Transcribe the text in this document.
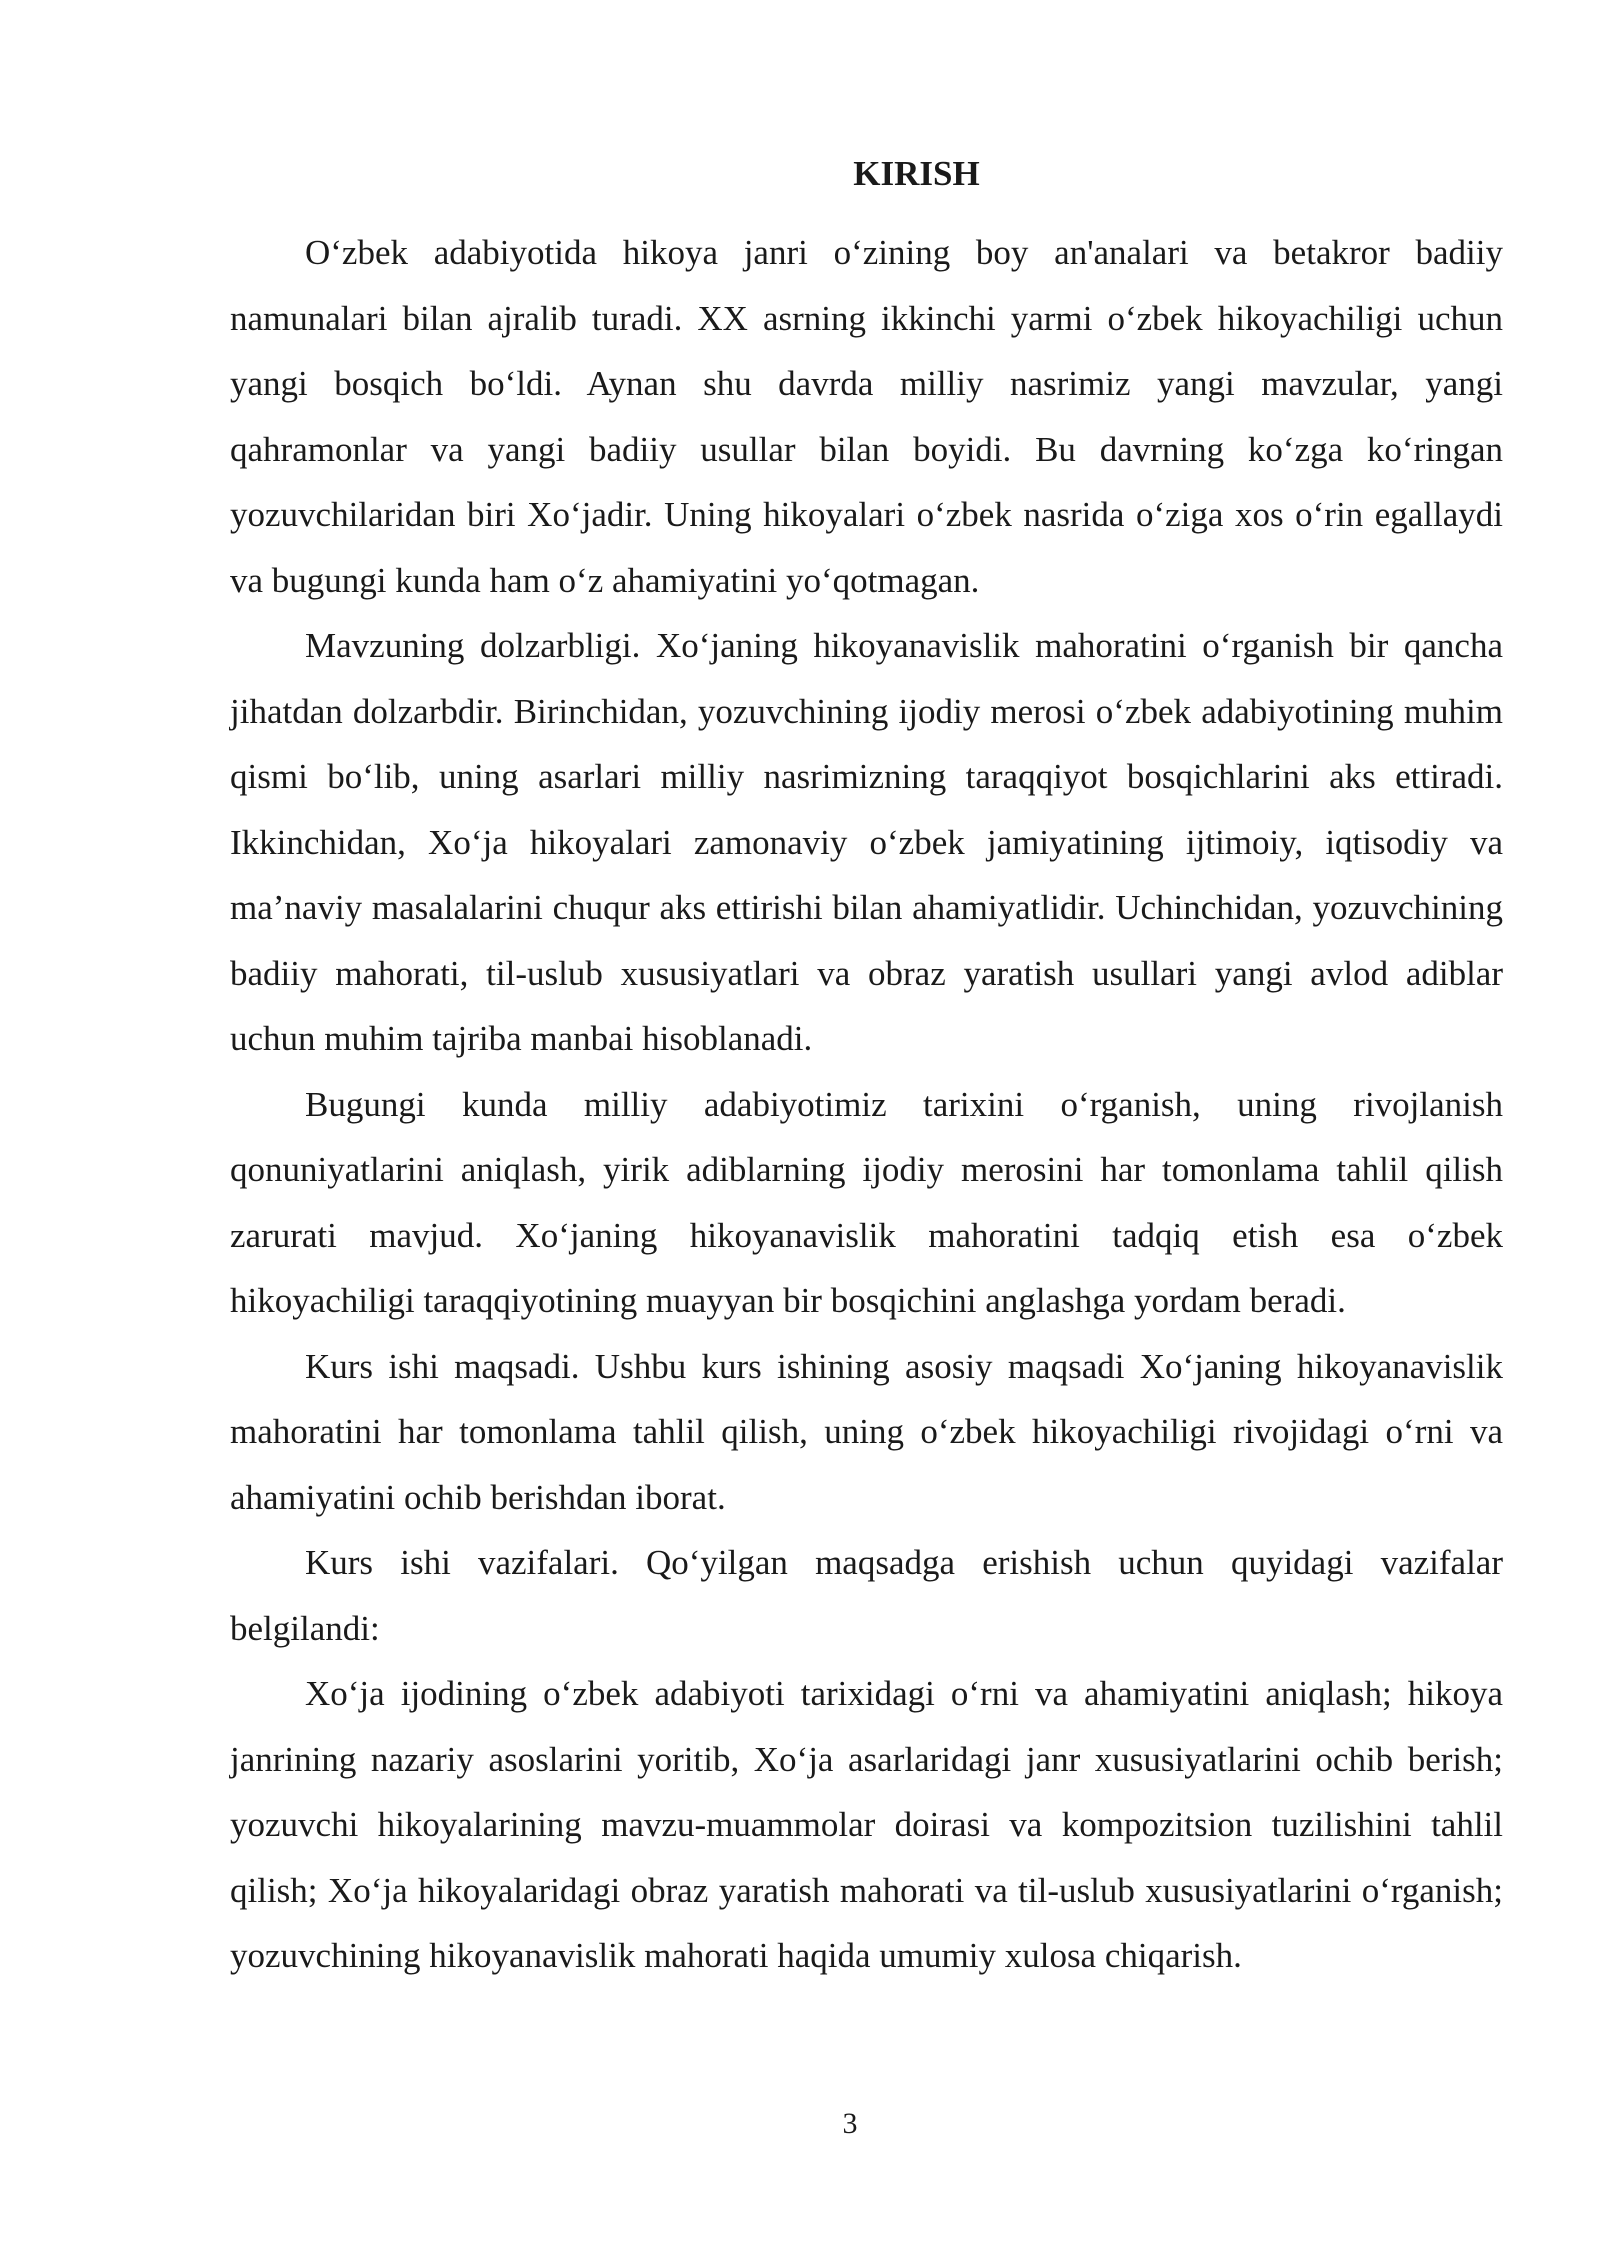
KIRISH

O‘zbek adabiyotida hikoya janri o‘zining boy an'analari va betakror badiiy namunalari bilan ajralib turadi. XX asrning ikkinchi yarmi o‘zbek hikoyachiligi uchun yangi bosqich bo‘ldi. Aynan shu davrda milliy nasrimiz yangi mavzular, yangi qahramonlar va yangi badiiy usullar bilan boyidi. Bu davrning ko‘zga ko‘ringan yozuvchilaridan biri Xo‘jadir. Uning hikoyalari o‘zbek nasrida o‘ziga xos o‘rin egallaydi va bugungi kunda ham o‘z ahamiyatini yo‘qotmagan.

Mavzuning dolzarbligi. Xo‘janing hikoyanavislik mahoratini o‘rganish bir qancha jihatdan dolzarbdir. Birinchidan, yozuvchining ijodiy merosi o‘zbek adabiyotining muhim qismi bo‘lib, uning asarlari milliy nasrimizning taraqqiyot bosqichlarini aks ettiradi. Ikkinchidan, Xo‘ja hikoyalari zamonaviy o‘zbek jamiyatining ijtimoiy, iqtisodiy va ma’naviy masalalarini chuqur aks ettirishi bilan ahamiyatlidir. Uchinchidan, yozuvchining badiiy mahorati, til-uslub xususiyatlari va obraz yaratish usullari yangi avlod adiblar uchun muhim tajriba manbai hisoblanadi.

Bugungi kunda milliy adabiyotimiz tarixini o‘rganish, uning rivojlanish qonuniyatlarini aniqlash, yirik adiblarning ijodiy merosini har tomonlama tahlil qilish zarurati mavjud. Xo‘janing hikoyanavislik mahoratini tadqiq etish esa o‘zbek hikoyachiligi taraqqiyotining muayyan bir bosqichini anglashga yordam beradi.

Kurs ishi maqsadi. Ushbu kurs ishining asosiy maqsadi Xo‘janing hikoyanavislik mahoratini har tomonlama tahlil qilish, uning o‘zbek hikoyachiligi rivojidagi o‘rni va ahamiyatini ochib berishdan iborat.

Kurs ishi vazifalari. Qo‘yilgan maqsadga erishish uchun quyidagi vazifalar belgilandi:

Xo‘ja ijodining o‘zbek adabiyoti tarixidagi o‘rni va ahamiyatini aniqlash; hikoya janrining nazariy asoslarini yoritib, Xo‘ja asarlaridagi janr xususiyatlarini ochib berish; yozuvchi hikoyalarining mavzu-muammolar doirasi va kompozitsion tuzilishini tahlil qilish; Xo‘ja hikoyalaridagi obraz yaratish mahorati va til-uslub xususiyatlarini o‘rganish; yozuvchining hikoyanavislik mahorati haqida umumiy xulosa chiqarish.

3
